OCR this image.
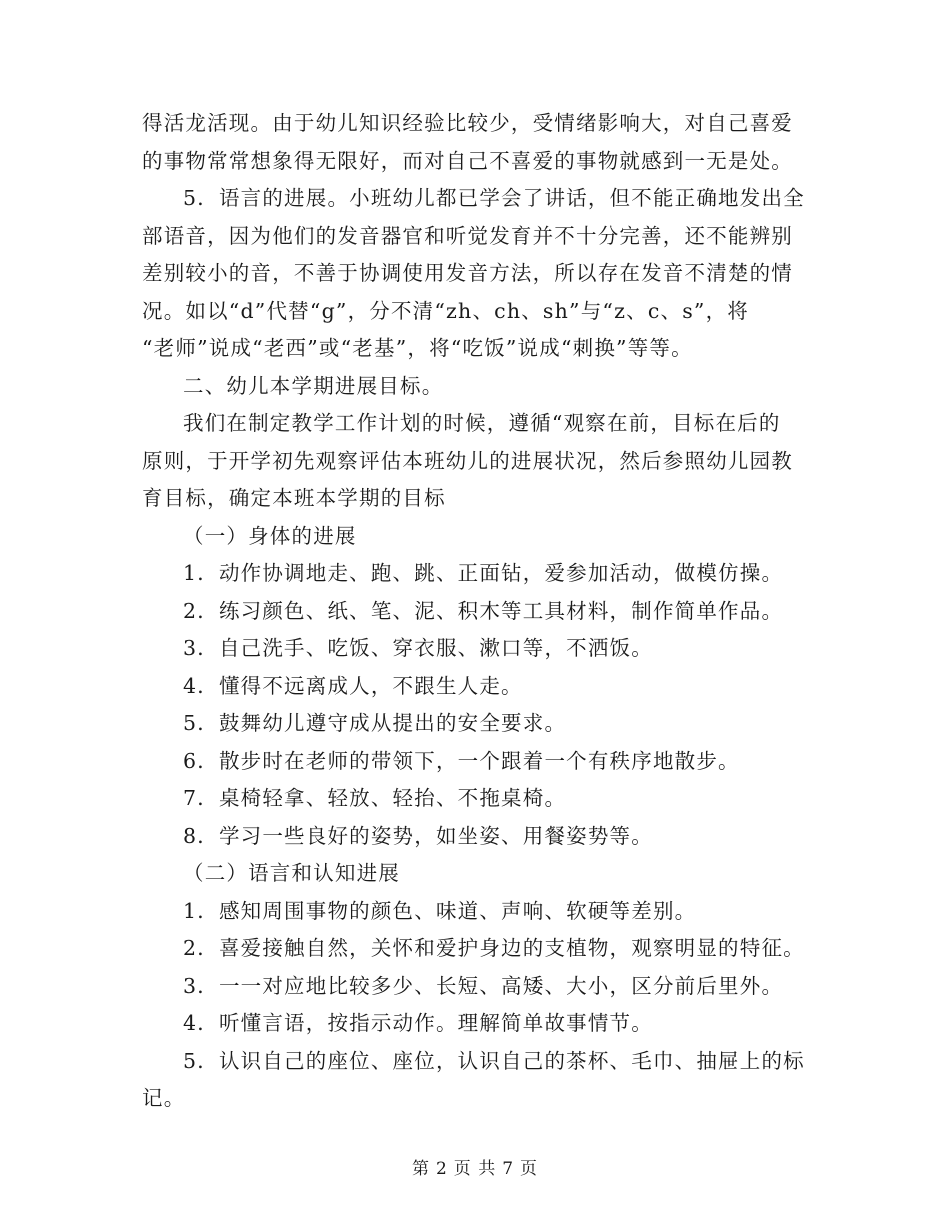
得活龙活现。由于幼儿知识经验比较少，受情绪影响大，对自己喜爱

的事物常常想象得无限好，而对自己不喜爱的事物就感到一无是处。

5．语言的进展。小班幼儿都已学会了讲话，但不能正确地发出全

部语音，因为他们的发音器官和听觉发育并不十分完善，还不能辨别

差别较小的音，不善于协调使用发音方法，所以存在发音不清楚的情

况。如以“d”代替“g”，分不清“zh、ch、sh”与“z、c、s”，将

“老师”说成“老西”或“老基”，将“吃饭”说成“刺换”等等。

二、幼儿本学期进展目标。

我们在制定教学工作计划的时候，遵循“观察在前，目标在后的

原则，于开学初先观察评估本班幼儿的进展状况，然后参照幼儿园教

育目标，确定本班本学期的目标

（一）身体的进展

1．动作协调地走、跑、跳、正面钻，爱参加活动，做模仿操。

2．练习颜色、纸、笔、泥、积木等工具材料，制作简单作品。

3．自己洗手、吃饭、穿衣服、漱口等，不洒饭。

4．懂得不远离成人，不跟生人走。

5．鼓舞幼儿遵守成从提出的安全要求。

6．散步时在老师的带领下，一个跟着一个有秩序地散步。

7．桌椅轻拿、轻放、轻抬、不拖桌椅。

8．学习一些良好的姿势，如坐姿、用餐姿势等。

（二）语言和认知进展

1．感知周围事物的颜色、味道、声响、软硬等差别。

2．喜爱接触自然，关怀和爱护身边的支植物，观察明显的特征。

3．一一对应地比较多少、长短、高矮、大小，区分前后里外。

4．听懂言语，按指示动作。理解简单故事情节。

5．认识自己的座位、座位，认识自己的茶杯、毛巾、抽屉上的标

记。

第 2 页 共 7 页
